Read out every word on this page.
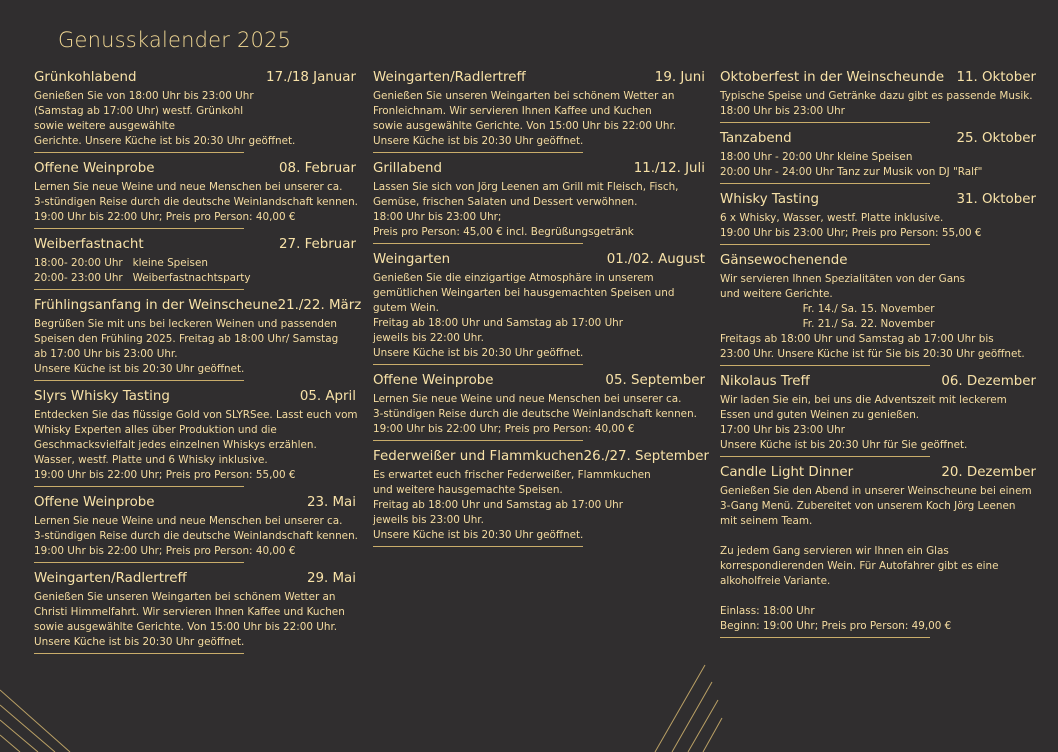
Genusskalender 2025
Grünkohlabend	17./18 Januar
Genießen Sie von 18:00 Uhr bis 23:00 Uhr
(Samstag ab 17:00 Uhr) westf. Grünkohl
sowie weitere ausgewählte
Gerichte. Unsere Küche ist bis 20:30 Uhr geöffnet.
Offene Weinprobe	08. Februar
Lernen Sie neue Weine und neue Menschen bei unserer ca.
3-stündigen Reise durch die deutsche Weinlandschaft kennen.
19:00 Uhr bis 22:00 Uhr; Preis pro Person: 40,00 €
Weiberfastnacht	27. Februar
18:00- 20:00 Uhr   kleine Speisen
20:00- 23:00 Uhr   Weiberfastnachtsparty
Frühlingsanfang in der Weinscheune 21./22. März
Begrüßen Sie mit uns bei leckeren Weinen und passenden
Speisen den Frühling 2025. Freitag ab 18:00 Uhr/ Samstag
ab 17:00 Uhr bis 23:00 Uhr.
Unsere Küche ist bis 20:30 Uhr geöffnet.
Slyrs Whisky Tasting	05. April
Entdecken Sie das flüssige Gold von SLYRSee. Lasst euch vom
Whisky Experten alles über Produktion und die
Geschmacksvielfalt jedes einzelnen Whiskys erzählen.
Wasser, westf. Platte und 6 Whisky inklusive.
19:00 Uhr bis 22:00 Uhr; Preis pro Person: 55,00 €
Offene Weinprobe	23. Mai
Lernen Sie neue Weine und neue Menschen bei unserer ca.
3-stündigen Reise durch die deutsche Weinlandschaft kennen.
19:00 Uhr bis 22:00 Uhr; Preis pro Person: 40,00 €
Weingarten/Radlertreff	29. Mai
Genießen Sie unseren Weingarten bei schönem Wetter an
Christi Himmelfahrt. Wir servieren Ihnen Kaffee und Kuchen
sowie ausgewählte Gerichte. Von 15:00 Uhr bis 22:00 Uhr.
Unsere Küche ist bis 20:30 Uhr geöffnet.
Weingarten/Radlertreff	19. Juni
Genießen Sie unseren Weingarten bei schönem Wetter an
Fronleichnam. Wir servieren Ihnen Kaffee und Kuchen
sowie ausgewählte Gerichte. Von 15:00 Uhr bis 22:00 Uhr.
Unsere Küche ist bis 20:30 Uhr geöffnet.
Grillabend	11./12. Juli
Lassen Sie sich von Jörg Leenen am Grill mit Fleisch, Fisch,
Gemüse, frischen Salaten und Dessert verwöhnen.
18:00 Uhr bis 23:00 Uhr;
Preis pro Person: 45,00 € incl. Begrüßungsgetränk
Weingarten	01./02. August
Genießen Sie die einzigartige Atmosphäre in unserem
gemütlichen Weingarten bei hausgemachten Speisen und
gutem Wein.
Freitag ab 18:00 Uhr und Samstag ab 17:00 Uhr
jeweils bis 22:00 Uhr.
Unsere Küche ist bis 20:30 Uhr geöffnet.
Offene Weinprobe	05. September
Lernen Sie neue Weine und neue Menschen bei unserer ca.
3-stündigen Reise durch die deutsche Weinlandschaft kennen.
19:00 Uhr bis 22:00 Uhr; Preis pro Person: 40,00 €
Federweißer und Flammkuchen 26./27. September
Es erwartet euch frischer Federweißer, Flammkuchen
und weitere hausgemachte Speisen.
Freitag ab 18:00 Uhr und Samstag ab 17:00 Uhr
jeweils bis 23:00 Uhr.
Unsere Küche ist bis 20:30 Uhr geöffnet.
Oktoberfest in der Weinscheunde 11. Oktober
Typische Speise und Getränke dazu gibt es passende Musik.
18:00 Uhr bis 23:00 Uhr
Tanzabend	25. Oktober
18:00 Uhr - 20:00 Uhr kleine Speisen
20:00 Uhr - 24:00 Uhr Tanz zur Musik von DJ "Ralf"
Whisky Tasting	31. Oktober
6 x Whisky, Wasser, westf. Platte inklusive.
19:00 Uhr bis 23:00 Uhr; Preis pro Person: 55,00 €
Gänsewochenende
Wir servieren Ihnen Spezialitäten von der Gans
und weitere Gerichte.
Fr. 14./ Sa. 15. November
Fr. 21./ Sa. 22. November
Freitags ab 18:00 Uhr und Samstag ab 17:00 Uhr bis
23:00 Uhr. Unsere Küche ist für Sie bis 20:30 Uhr geöffnet.
Nikolaus Treff	06. Dezember
Wir laden Sie ein, bei uns die Adventszeit mit leckerem
Essen und guten Weinen zu genießen.
17:00 Uhr bis 23:00 Uhr
Unsere Küche ist bis 20:30 Uhr für Sie geöffnet.
Candle Light Dinner	20. Dezember
Genießen Sie den Abend in unserer Weinscheune bei einem
3-Gang Menü. Zubereitet von unserem Koch Jörg Leenen
mit seinem Team.

Zu jedem Gang servieren wir Ihnen ein Glas
korrespondierenden Wein. Für Autofahrer gibt es eine
alkoholfreie Variante.

Einlass: 18:00 Uhr
Beginn: 19:00 Uhr; Preis pro Person: 49,00 €
